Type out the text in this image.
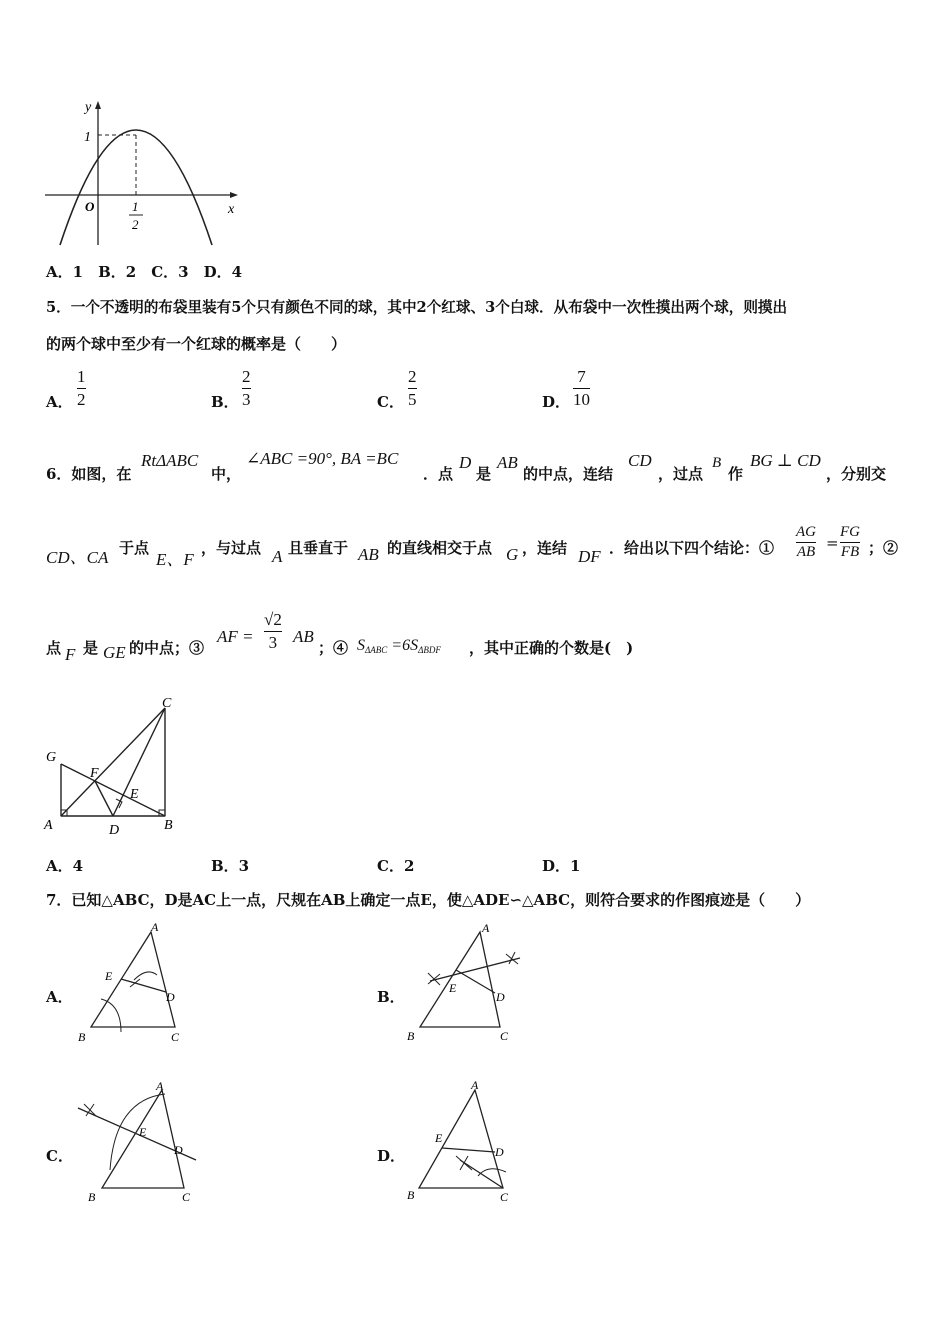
y
1
O	1
2
x
A．1　B．2　C．3　D．4
5．一个不透明的布袋里装有5个只有颜色不同的球，其中2个红球、3个白球．从布袋中一次性摸出两个球，则摸出
的两个球中至少有一个红球的概率是（　　）
A．
1
2	B．
2
3	C．
2
5	D．
7
10
6．如图，在
RtΔABC
中，
∠ABC =90°, BA =BC
．点
D
是
AB
的中点，连结
CD
，过点
B
作
BG ⊥ CD
，分别交
CD、CA 于点
E、F
，与过点 A 且垂直于 AB 的直线相交于点 G ，连结 DF ．给出以下四个结论：①
AG
AB =
FG
FB ；②
点 F 是 GE 的中点；③
AF =
√2
3 AB
；④ $S_{\Delta ABC} =6S_{\Delta BDF}$ ，其中正确的个数是(　)
C
G
F
E
A	D	B
A．4	B．3	C．2	D．1
7．已知△ABC，D是AC上一点，尺规在AB上确定一点E，使△ADE∽△ABC，则符合要求的作图痕迹是（　　）
A．
A
E
D
B	C
B．
A
E
D
B	C
C．
A
E
D
B	C
D．
A
E
D
B	C
